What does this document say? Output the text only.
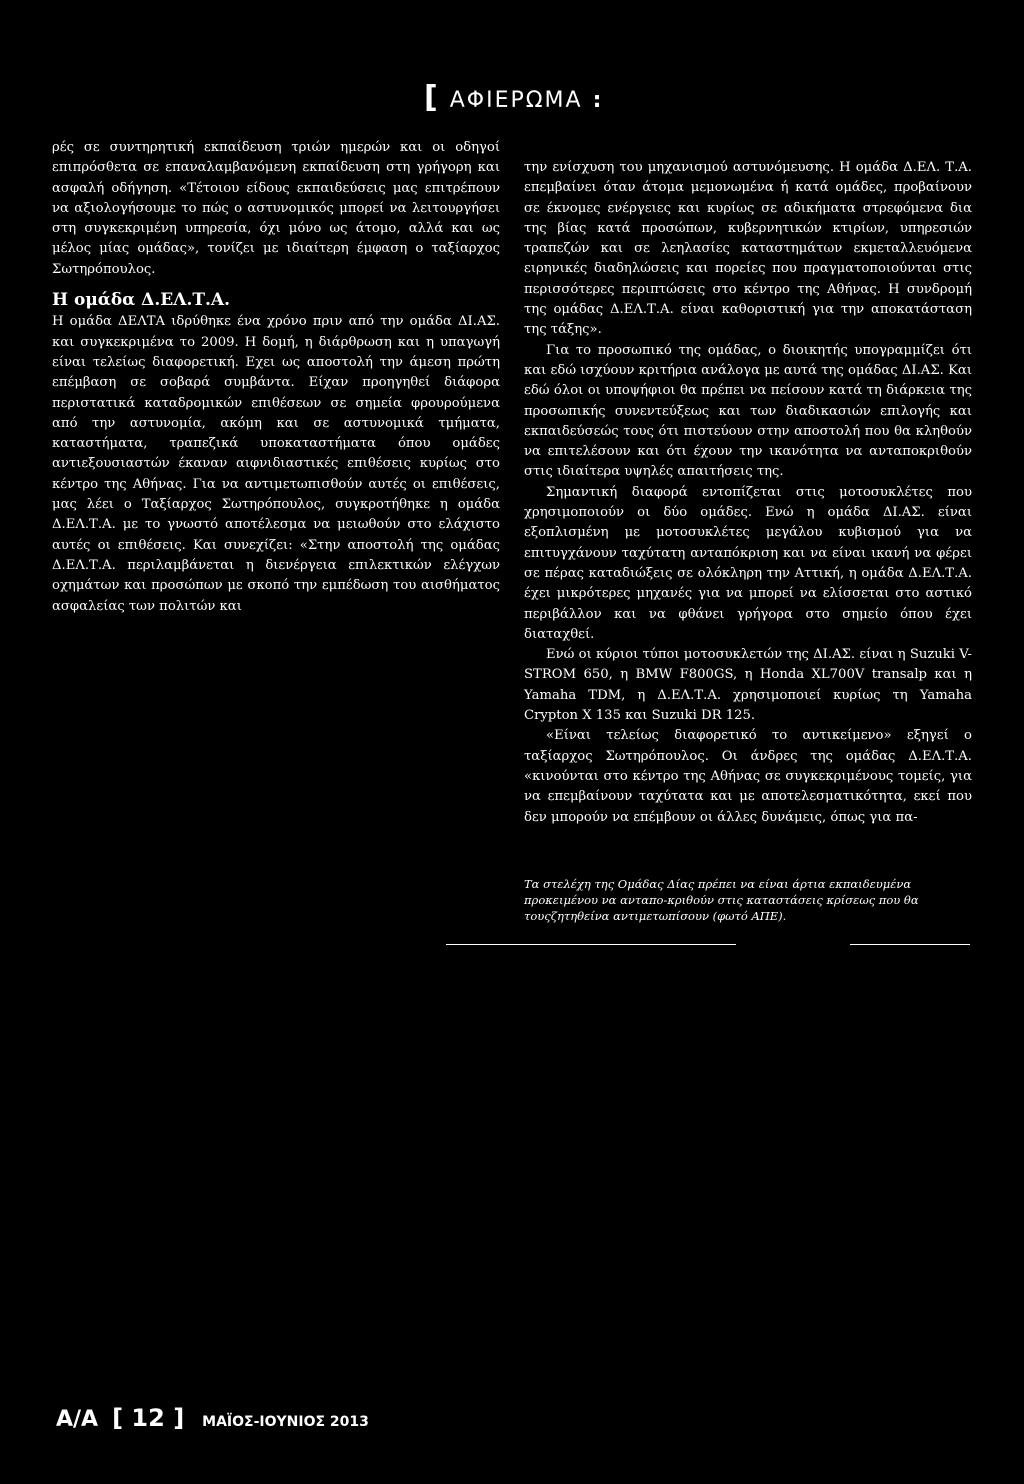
[ ΑΦΙΕΡΩΜΑ :

ρές σε συντηρητική εκπαίδευση τριών ημερών και οι οδηγοί επιπρόσθετα σε επαναλαμβανόμενη εκπαίδευση στη γρήγορη και ασφαλή οδήγηση. «Τέτοιου είδους εκπαιδεύσεις μας επιτρέπουν να αξιολογήσουμε το πώς ο αστυνομικός μπορεί να λειτουργήσει στη συγκεκριμένη υπηρεσία, όχι μόνο ως άτομο, αλλά και ως μέλος μίας ομάδας», τονίζει με ιδιαίτερη έμφαση ο ταξίαρχος Σωτηρόπουλος.

Η ομάδα Δ.ΕΛ.Τ.Α.

Η ομάδα ΔΕΛΤΑ ιδρύθηκε ένα χρόνο πριν από την ομάδα ΔΙ.ΑΣ. και συγκεκριμένα το 2009. Η δομή, η διάρθρωση και η υπαγωγή είναι τελείως διαφορετική. Εχει ως αποστολή την άμεση πρώτη επέμβαση σε σοβαρά συμβάντα. Είχαν προηγηθεί διάφορα περιστατικά καταδρομικών επιθέσεων σε σημεία φρουρούμενα από την αστυνομία, ακόμη και σε αστυνομικά τμήματα, καταστήματα, τραπεζικά υποκαταστήματα όπου ομάδες αντιεξουσιαστών έκαναν αιφνιδιαστικές επιθέσεις κυρίως στο κέντρο της Αθήνας. Για να αντιμετωπισθούν αυτές οι επιθέσεις, μας λέει ο Ταξίαρχος Σωτηρόπουλος, συγκροτήθηκε η ομάδα Δ.ΕΛ.Τ.Α. με το γνωστό αποτέλεσμα να μειωθούν στο ελάχιστο αυτές οι επιθέσεις. Και συνεχίζει: «Στην αποστολή της ομάδας Δ.ΕΛ.Τ.Α. περιλαμβάνεται η διενέργεια επιλεκτικών ελέγχων οχημάτων και προσώπων με σκοπό την εμπέδωση του αισθήματος ασφαλείας των πολιτών και

την ενίσχυση του μηχανισμού αστυνόμευσης. Η ομάδα Δ.ΕΛ. Τ.Α. επεμβαίνει όταν άτομα μεμονωμένα ή κατά ομάδες, προβαίνουν σε έκνομες ενέργειες και κυρίως σε αδικήματα στρεφόμενα δια της βίας κατά προσώπων, κυβερνητικών κτιρίων, υπηρεσιών τραπεζών και σε λεηλασίες καταστημάτων εκμεταλλευόμενα ειρηνικές διαδηλώσεις και πορείες που πραγματοποιούνται στις περισσότερες περιπτώσεις στο κέντρο της Αθήνας. Η συνδρομή της ομάδας Δ.ΕΛ.Τ.Α. είναι καθοριστική για την αποκατάσταση της τάξης».

Για το προσωπικό της ομάδας, ο διοικητής υπογραμμίζει ότι και εδώ ισχύουν κριτήρια ανάλογα με αυτά της ομάδας ΔΙ.ΑΣ. Και εδώ όλοι οι υποψήφιοι θα πρέπει να πείσουν κατά τη διάρκεια της προσωπικής συνεντεύξεως και των διαδικασιών επιλογής και εκπαιδεύσεώς τους ότι πιστεύουν στην αποστολή που θα κληθούν να επιτελέσουν και ότι έχουν την ικανότητα να ανταποκριθούν στις ιδιαίτερα υψηλές απαιτήσεις της.

Σημαντική διαφορά εντοπίζεται στις μοτοσυκλέτες που χρησιμοποιούν οι δύο ομάδες. Ενώ η ομάδα ΔΙ.ΑΣ. είναι εξοπλισμένη με μοτοσυκλέτες μεγάλου κυβισμού για να επιτυγχάνουν ταχύτατη ανταπόκριση και να είναι ικανή να φέρει σε πέρας καταδιώξεις σε ολόκληρη την Αττική, η ομάδα Δ.ΕΛ.Τ.Α. έχει μικρότερες μηχανές για να μπορεί να ελίσσεται στο αστικό περιβάλλον και να φθάνει γρήγορα στο σημείο όπου έχει διαταχθεί.

Ενώ οι κύριοι τύποι μοτοσυκλετών της ΔΙ.ΑΣ. είναι η Suzuki V-STROM 650, η BMW F800GS, η Honda XL700V transalp και η Yamaha TDM, η Δ.ΕΛ.Τ.Α. χρησιμοποιεί κυρίως τη Yamaha Crypton X 135 και Suzuki DR 125.

«Είναι τελείως διαφορετικό το αντικείμενο» εξηγεί ο ταξίαρχος Σωτηρόπουλος. Οι άνδρες της ομάδας Δ.ΕΛ.Τ.Α. «κινούνται στο κέντρο της Αθήνας σε συγκεκριμένους τομείς, για να επεμβαίνουν ταχύτατα και με αποτελεσματικότητα, εκεί που δεν μπορούν να επέμβουν οι άλλες δυνάμεις, όπως για πα-

Τα στελέχη της Ομάδας Δίας πρέπει να είναι άρτια εκπαιδευμένα προκειμένου να ανταπο-κριθούν στις καταστάσεις κρίσεως που θα τουςζητηθείνα αντιμετωπίσουν (φωτό ΑΠΕ).
Α/Α [ 12 ] ΜΑΪΟΣ-ΙΟΥΝΙΟΣ 2013
